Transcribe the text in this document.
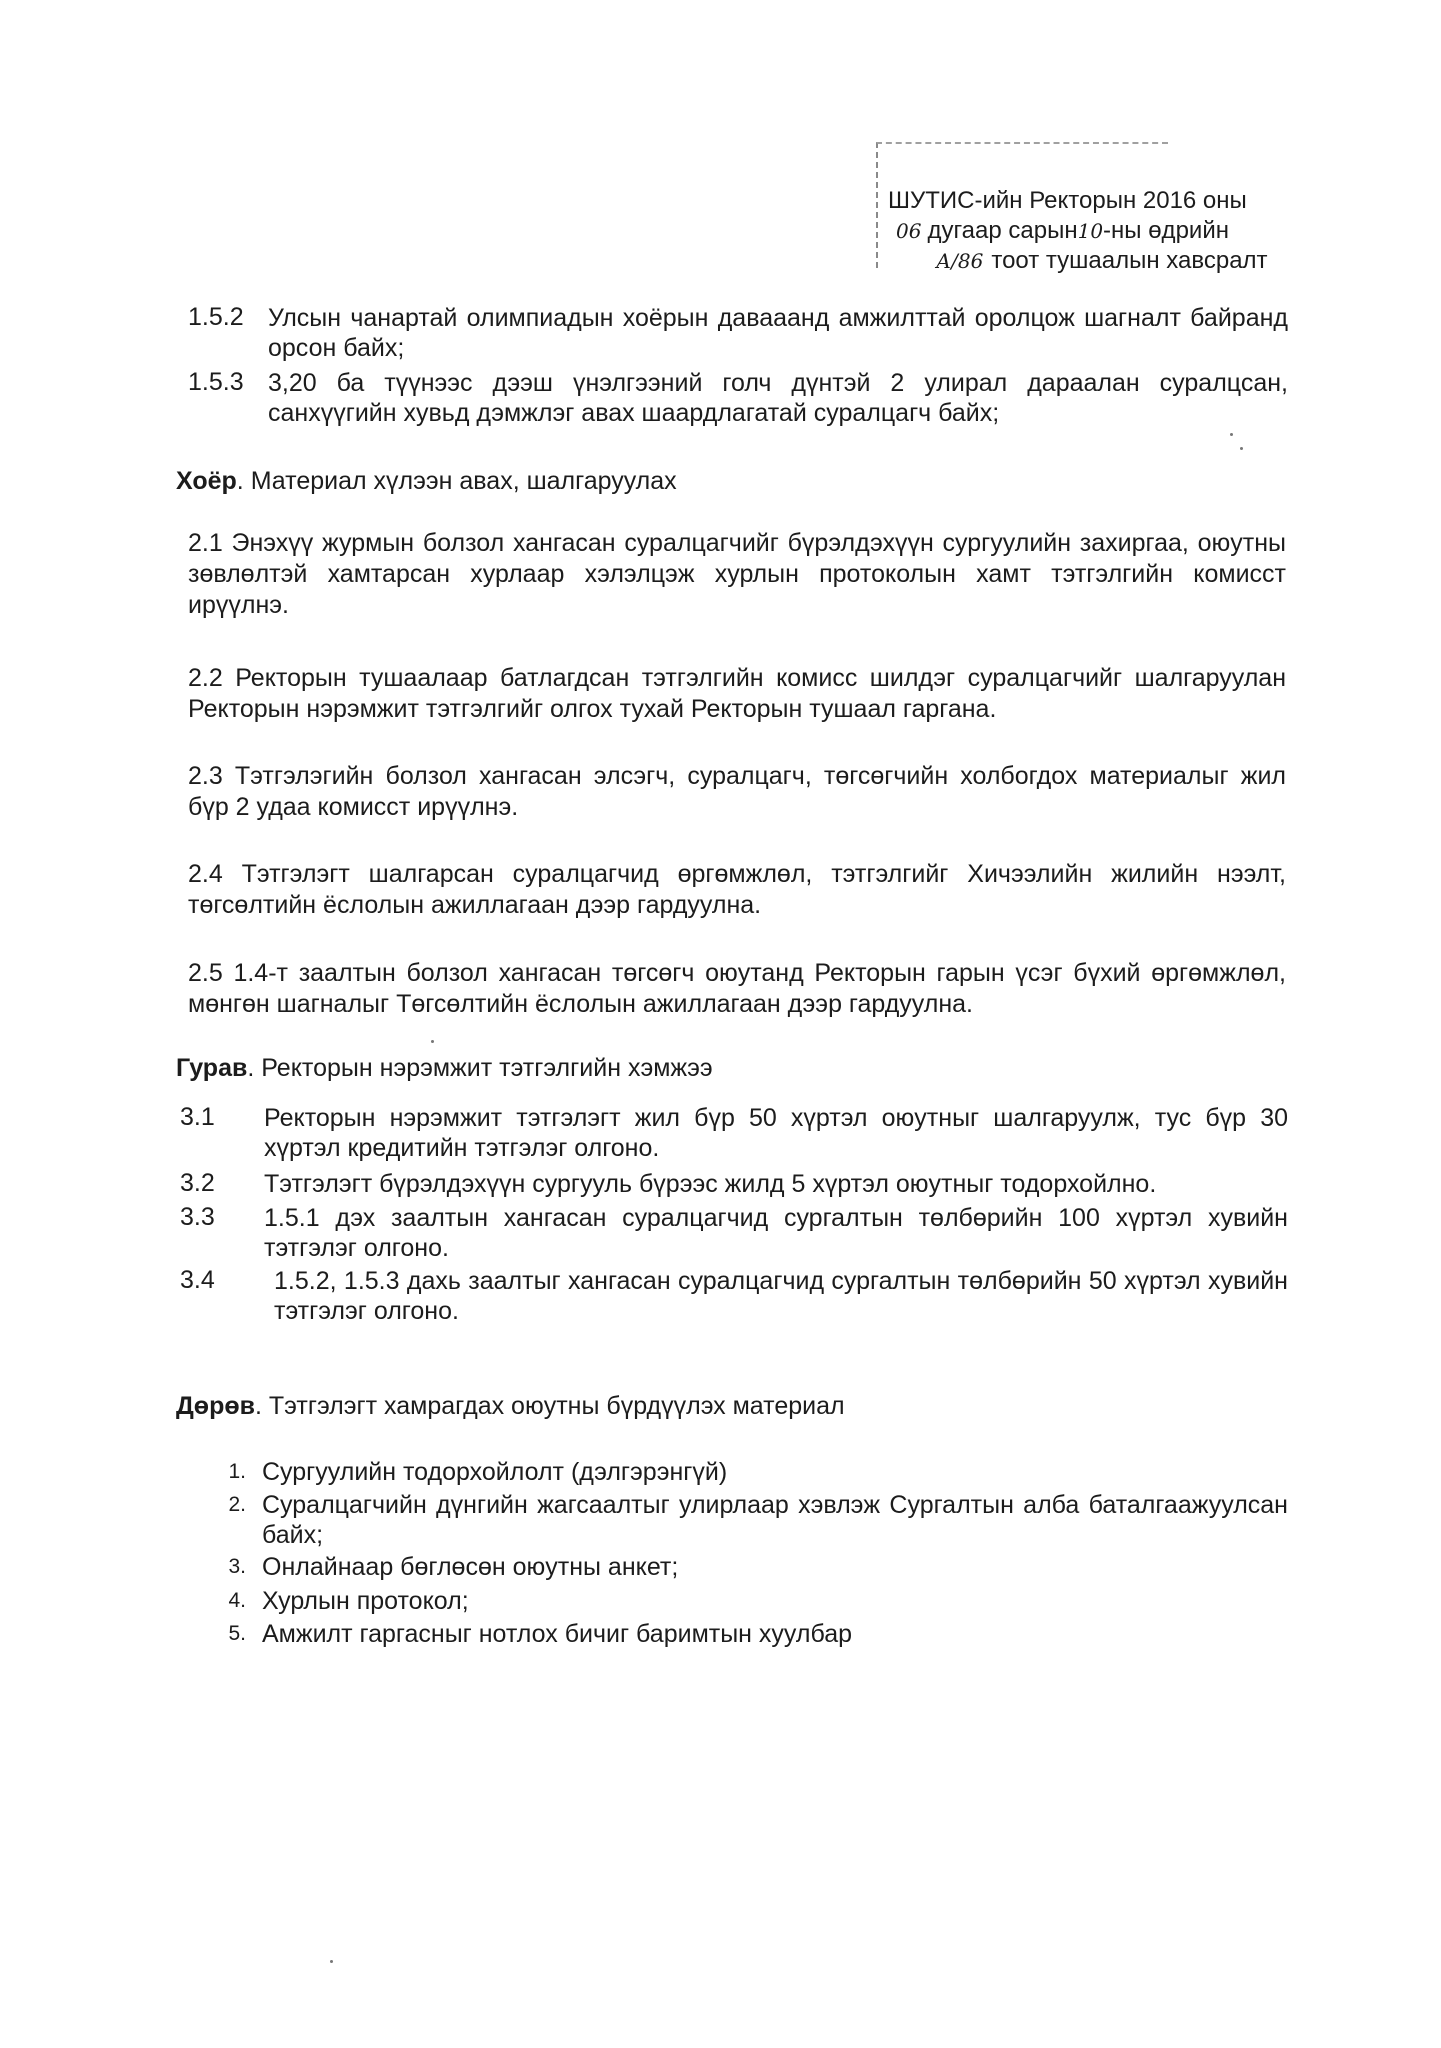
ШУТИС-ийн Ректорын 2016 оны
06 дугаар сарын10-ны өдрийн
А/86 тоот тушаалын хавсралт
1.5.2 Улсын чанартай олимпиадын хоёрын давааанд амжилттай оролцож шагналт байранд орсон байх;
1.5.3 3,20 ба түүнээс дээш үнэлгээний голч дүнтэй 2 улирал дараалан суралцсан, санхүүгийн хувьд дэмжлэг авах шаардлагатай суралцагч байх;
Хоёр. Материал хүлээн авах, шалгаруулах
2.1 Энэхүү журмын болзол хангасан суралцагчийг бүрэлдэхүүн сургуулийн захиргаа, оюутны зөвлөлтэй хамтарсан хурлаар хэлэлцэж хурлын протоколын хамт тэтгэлгийн комисст ирүүлнэ.
2.2 Ректорын тушаалаар батлагдсан тэтгэлгийн комисс шилдэг суралцагчийг шалгаруулан Ректорын нэрэмжит тэтгэлгийг олгох тухай Ректорын тушаал гаргана.
2.3 Тэтгэлэгийн болзол хангасан элсэгч, суралцагч, төгсөгчийн холбогдох материалыг жил бүр 2 удаа комисст ирүүлнэ.
2.4 Тэтгэлэгт шалгарсан суралцагчид өргөмжлөл, тэтгэлгийг Хичээлийн жилийн нээлт, төгсөлтийн ёслолын ажиллагаан дээр гардуулна.
2.5 1.4-т заалтын болзол хангасан төгсөгч оюутанд Ректорын гарын үсэг бүхий өргөмжлөл, мөнгөн шагналыг Төгсөлтийн ёслолын ажиллагаан дээр гардуулна.
Гурав. Ректорын нэрэмжит тэтгэлгийн хэмжээ
3.1 Ректорын нэрэмжит тэтгэлэгт жил бүр 50 хүртэл оюутныг шалгаруулж, тус бүр 30 хүртэл кредитийн тэтгэлэг олгоно.
3.2 Тэтгэлэгт бүрэлдэхүүн сургууль бүрээс жилд 5 хүртэл оюутныг тодорхойлно.
3.3 1.5.1 дэх заалтын хангасан суралцагчид сургалтын төлбөрийн 100 хүртэл хувийн тэтгэлэг олгоно.
3.4	1.5.2, 1.5.3 дахь заалтыг хангасан суралцагчид сургалтын төлбөрийн 50 хүртэл хувийн тэтгэлэг олгоно.
Дөрөв. Тэтгэлэгт хамрагдах оюутны бүрдүүлэх материал
1. Сургуулийн тодорхойлолт (дэлгэрэнгүй)
2. Суралцагчийн дүнгийн жагсаалтыг улирлаар хэвлэж Сургалтын алба баталгаажуулсан байх;
3. Онлайнаар бөглөсөн оюутны анкет;
4. Хурлын протокол;
5. Амжилт гаргасныг нотлох бичиг баримтын хуулбар
